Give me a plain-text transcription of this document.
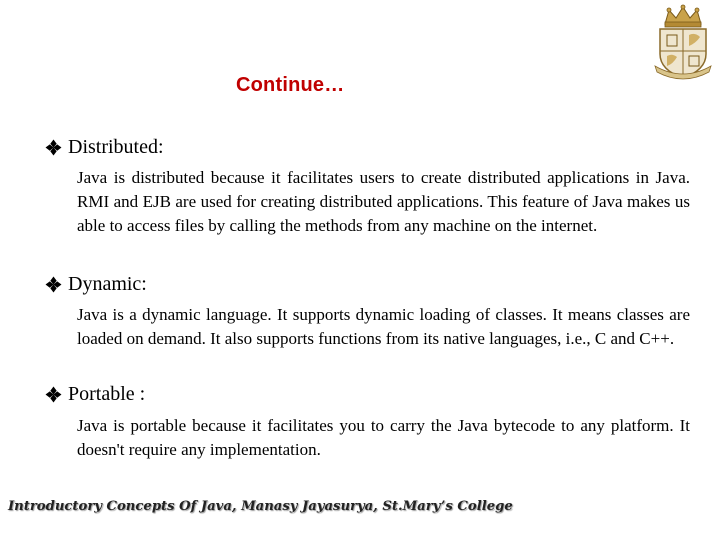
Continue…
Distributed:

Java is distributed because it facilitates users to create distributed applications in Java. RMI and EJB are used for creating distributed applications. This feature of Java makes us able to access files by calling the methods from any machine on the internet.

Dynamic:

Java is a dynamic language. It supports dynamic loading of classes. It means classes are loaded on demand. It also supports functions from its native languages, i.e., C and C++.

Portable :

Java is portable because it facilitates you to carry the Java bytecode to any platform. It doesn't require any implementation.

Introductory Concepts Of Java, Manasy Jayasurya, St.Mary’s College
